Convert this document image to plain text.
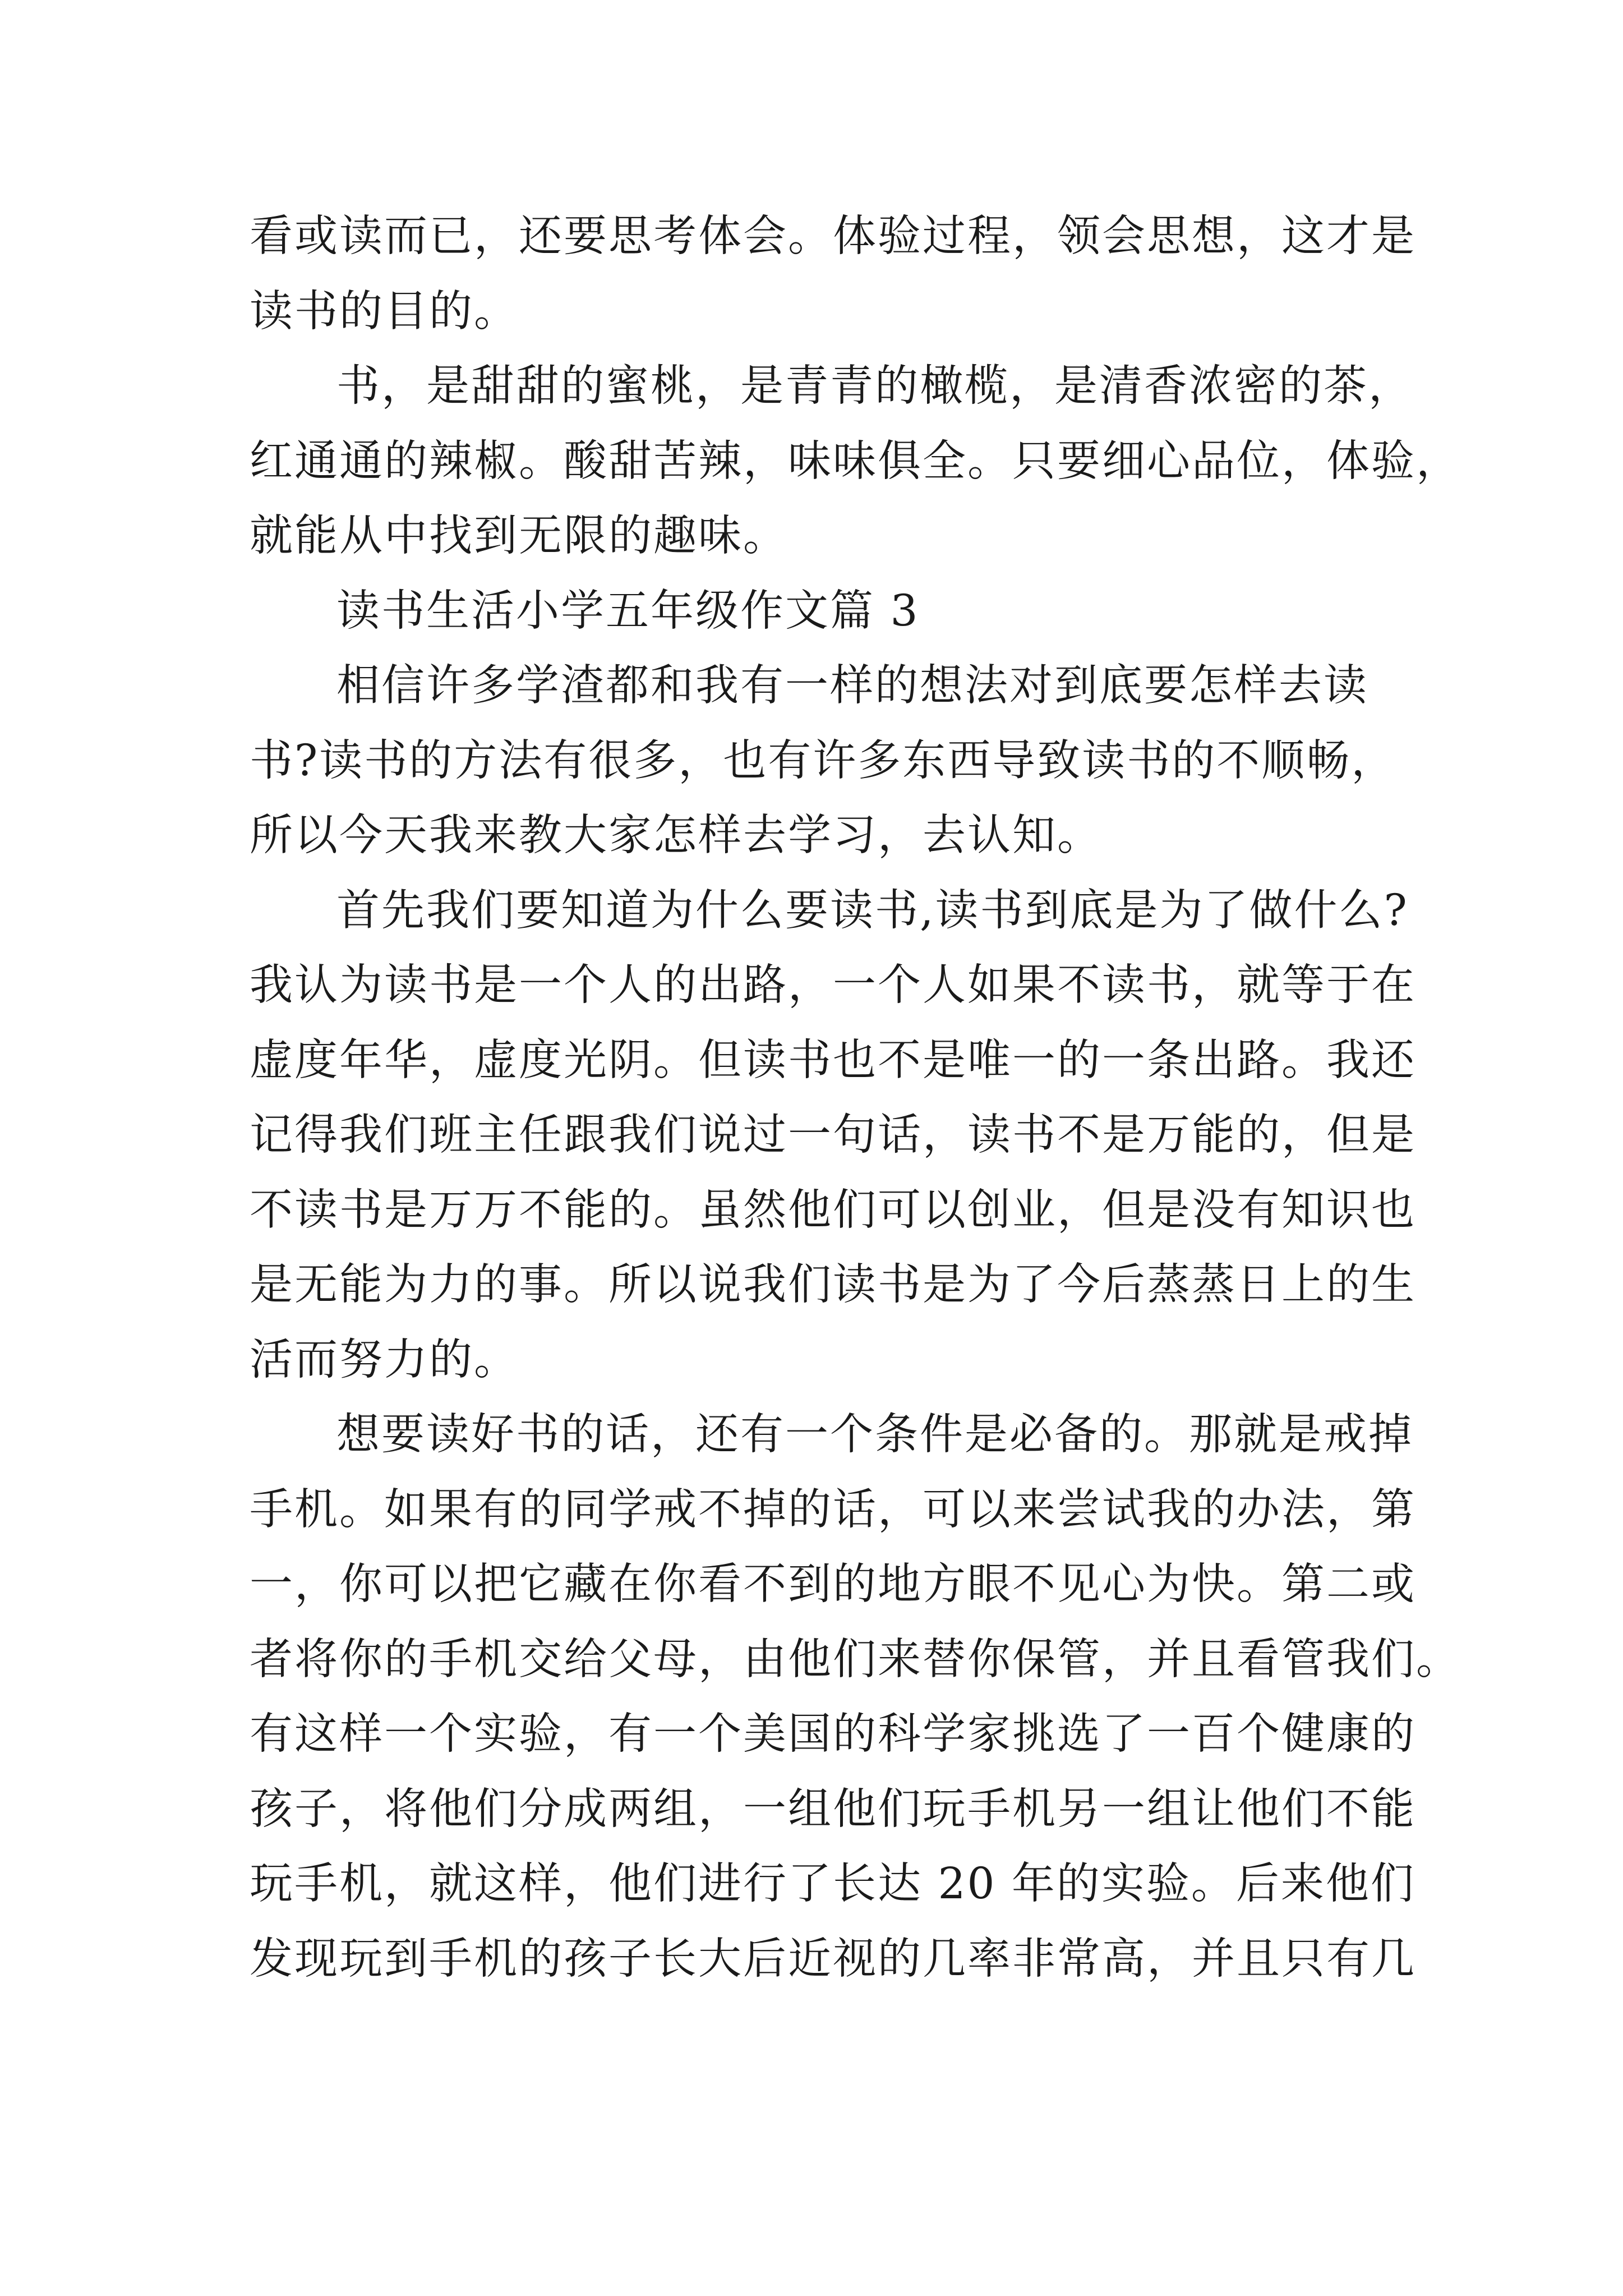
看或读而已，还要思考体会。体验过程，领会思想，这才是
读书的目的。
书，是甜甜的蜜桃，是青青的橄榄，是清香浓密的茶，
红通通的辣椒。酸甜苦辣，味味俱全。只要细心品位，体验，
就能从中找到无限的趣味。
读书生活小学五年级作文篇 3
相信许多学渣都和我有一样的想法对到底要怎样去读
书?读书的方法有很多，也有许多东西导致读书的不顺畅，
所以今天我来教大家怎样去学习，去认知。
首先我们要知道为什么要读书,读书到底是为了做什么?
我认为读书是一个人的出路，一个人如果不读书，就等于在
虚度年华，虚度光阴。但读书也不是唯一的一条出路。我还
记得我们班主任跟我们说过一句话，读书不是万能的，但是
不读书是万万不能的。虽然他们可以创业，但是没有知识也
是无能为力的事。所以说我们读书是为了今后蒸蒸日上的生
活而努力的。
想要读好书的话，还有一个条件是必备的。那就是戒掉
手机。如果有的同学戒不掉的话，可以来尝试我的办法，第
一，你可以把它藏在你看不到的地方眼不见心为快。第二或
者将你的手机交给父母，由他们来替你保管，并且看管我们。
有这样一个实验，有一个美国的科学家挑选了一百个健康的
孩子，将他们分成两组，一组他们玩手机另一组让他们不能
玩手机，就这样，他们进行了长达 20 年的实验。后来他们
发现玩到手机的孩子长大后近视的几率非常高，并且只有几
